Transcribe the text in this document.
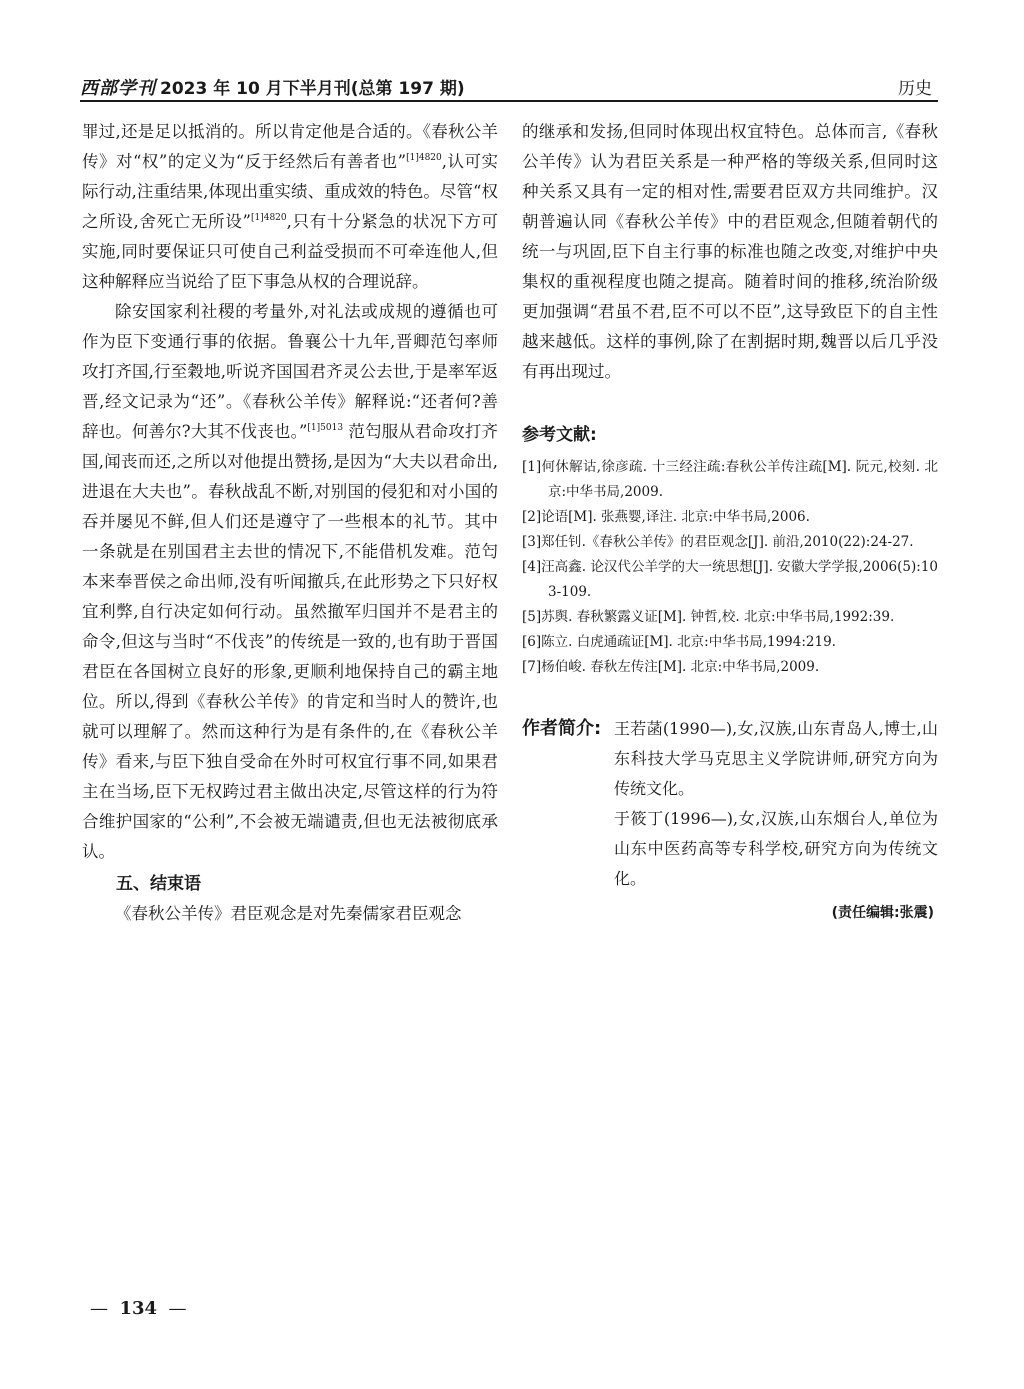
西部学刊 2023 年 10 月下半月刊(总第 197 期)	历史

罪过,还是足以抵消的。所以肯定他是合适的。《春秋公羊传》对“权”的定义为“反于经然后有善者也”$^{[1]4820}$,认可实际行动,注重结果,体现出重实绩、重成效的特色。尽管“权之所设,舍死亡无所设”$^{[1]4820}$,只有十分紧急的状况下方可实施,同时要保证只可使自己利益受损而不可牵连他人,但这种解释应当说给了臣下事急从权的合理说辞。

除安国家利社稷的考量外,对礼法或成规的遵循也可作为臣下变通行事的依据。鲁襄公十九年,晋卿范匄率师攻打齐国,行至穀地,听说齐国国君齐灵公去世,于是率军返晋,经文记录为“还”。《春秋公羊传》解释说:“还者何?善辞也。何善尔?大其不伐丧也。”$^{[1]5013}$ 范匄服从君命攻打齐国,闻丧而还,之所以对他提出赞扬,是因为“大夫以君命出,进退在大夫也”。春秋战乱不断,对别国的侵犯和对小国的吞并屡见不鲜,但人们还是遵守了一些根本的礼节。其中一条就是在别国君主去世的情况下,不能借机发难。范匄本来奉晋侯之命出师,没有听闻撤兵,在此形势之下只好权宜利弊,自行决定如何行动。虽然撤军归国并不是君主的命令,但这与当时“不伐丧”的传统是一致的,也有助于晋国君臣在各国树立良好的形象,更顺利地保持自己的霸主地位。所以,得到《春秋公羊传》的肯定和当时人的赞许,也就可以理解了。然而这种行为是有条件的,在《春秋公羊传》看来,与臣下独自受命在外时可权宜行事不同,如果君主在当场,臣下无权跨过君主做出决定,尽管这样的行为符合维护国家的“公利”,不会被无端谴责,但也无法被彻底承认。

五、结束语

《春秋公羊传》君臣观念是对先秦儒家君臣观念

的继承和发扬,但同时体现出权宜特色。总体而言,《春秋公羊传》认为君臣关系是一种严格的等级关系,但同时这种关系又具有一定的相对性,需要君臣双方共同维护。汉朝普遍认同《春秋公羊传》中的君臣观念,但随着朝代的统一与巩固,臣下自主行事的标准也随之改变,对维护中央集权的重视程度也随之提高。随着时间的推移,统治阶级更加强调“君虽不君,臣不可以不臣”,这导致臣下的自主性越来越低。这样的事例,除了在割据时期,魏晋以后几乎没有再出现过。

参考文献:
[1]何休解诂,徐彦疏. 十三经注疏:春秋公羊传注疏[M]. 阮元,校刻. 北京:中华书局,2009.
[2]论语[M]. 张燕婴,译注. 北京:中华书局,2006.
[3]郑任钊.《春秋公羊传》的君臣观念[J]. 前沿,2010(22):24-27.
[4]汪高鑫. 论汉代公羊学的大一统思想[J]. 安徽大学学报,2006(5):103-109.
[5]苏舆. 春秋繁露义证[M]. 钟哲,校. 北京:中华书局,1992:39.
[6]陈立. 白虎通疏证[M]. 北京:中华书局,1994:219.
[7]杨伯峻. 春秋左传注[M]. 北京:中华书局,2009.
作者简介: 王若菡(1990—),女,汉族,山东青岛人,博士,山东科技大学马克思主义学院讲师,研究方向为传统文化。

于筱丁(1996—),女,汉族,山东烟台人,单位为山东中医药高等专科学校,研究方向为传统文化。

(责任编辑:张震)
— 134 —
